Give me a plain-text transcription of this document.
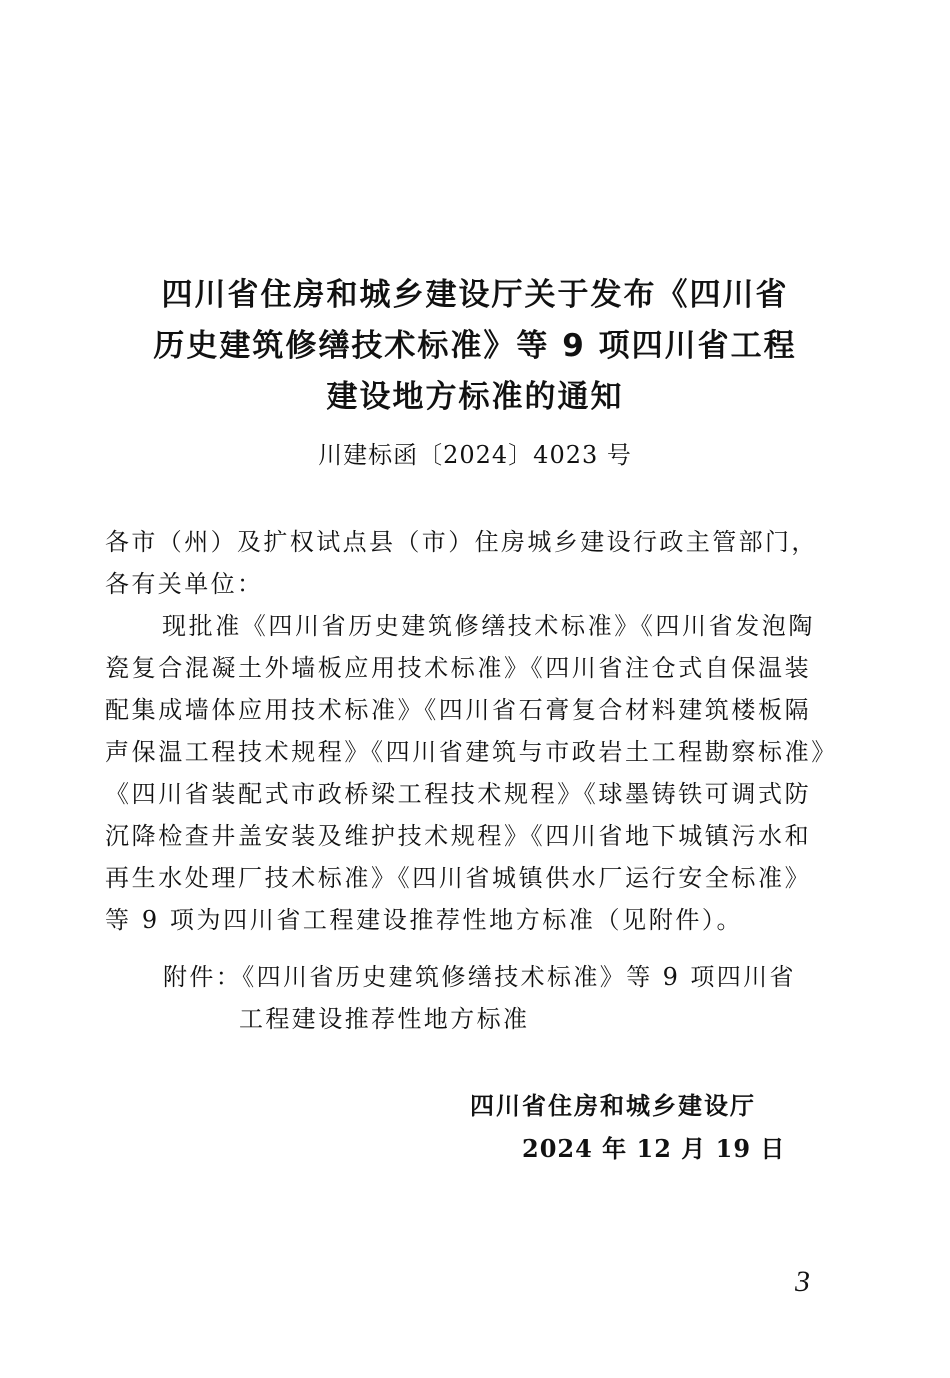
四川省住房和城乡建设厅关于发布《四川省
历史建筑修缮技术标准》等 9 项四川省工程
建设地方标准的通知
川建标函〔2024〕4023 号
各市（州）及扩权试点县（市）住房城乡建设行政主管部门，
各有关单位：
现批准《四川省历史建筑修缮技术标准》《四川省发泡陶
瓷复合混凝土外墙板应用技术标准》《四川省注仓式自保温装
配集成墙体应用技术标准》《四川省石膏复合材料建筑楼板隔
声保温工程技术规程》《四川省建筑与市政岩土工程勘察标准》
《四川省装配式市政桥梁工程技术规程》《球墨铸铁可调式防
沉降检查井盖安装及维护技术规程》《四川省地下城镇污水和
再生水处理厂技术标准》《四川省城镇供水厂运行安全标准》
等 9 项为四川省工程建设推荐性地方标准（见附件）。
附件：《四川省历史建筑修缮技术标准》等 9 项四川省
工程建设推荐性地方标准
四川省住房和城乡建设厅
2024 年 12 月 19 日
3
